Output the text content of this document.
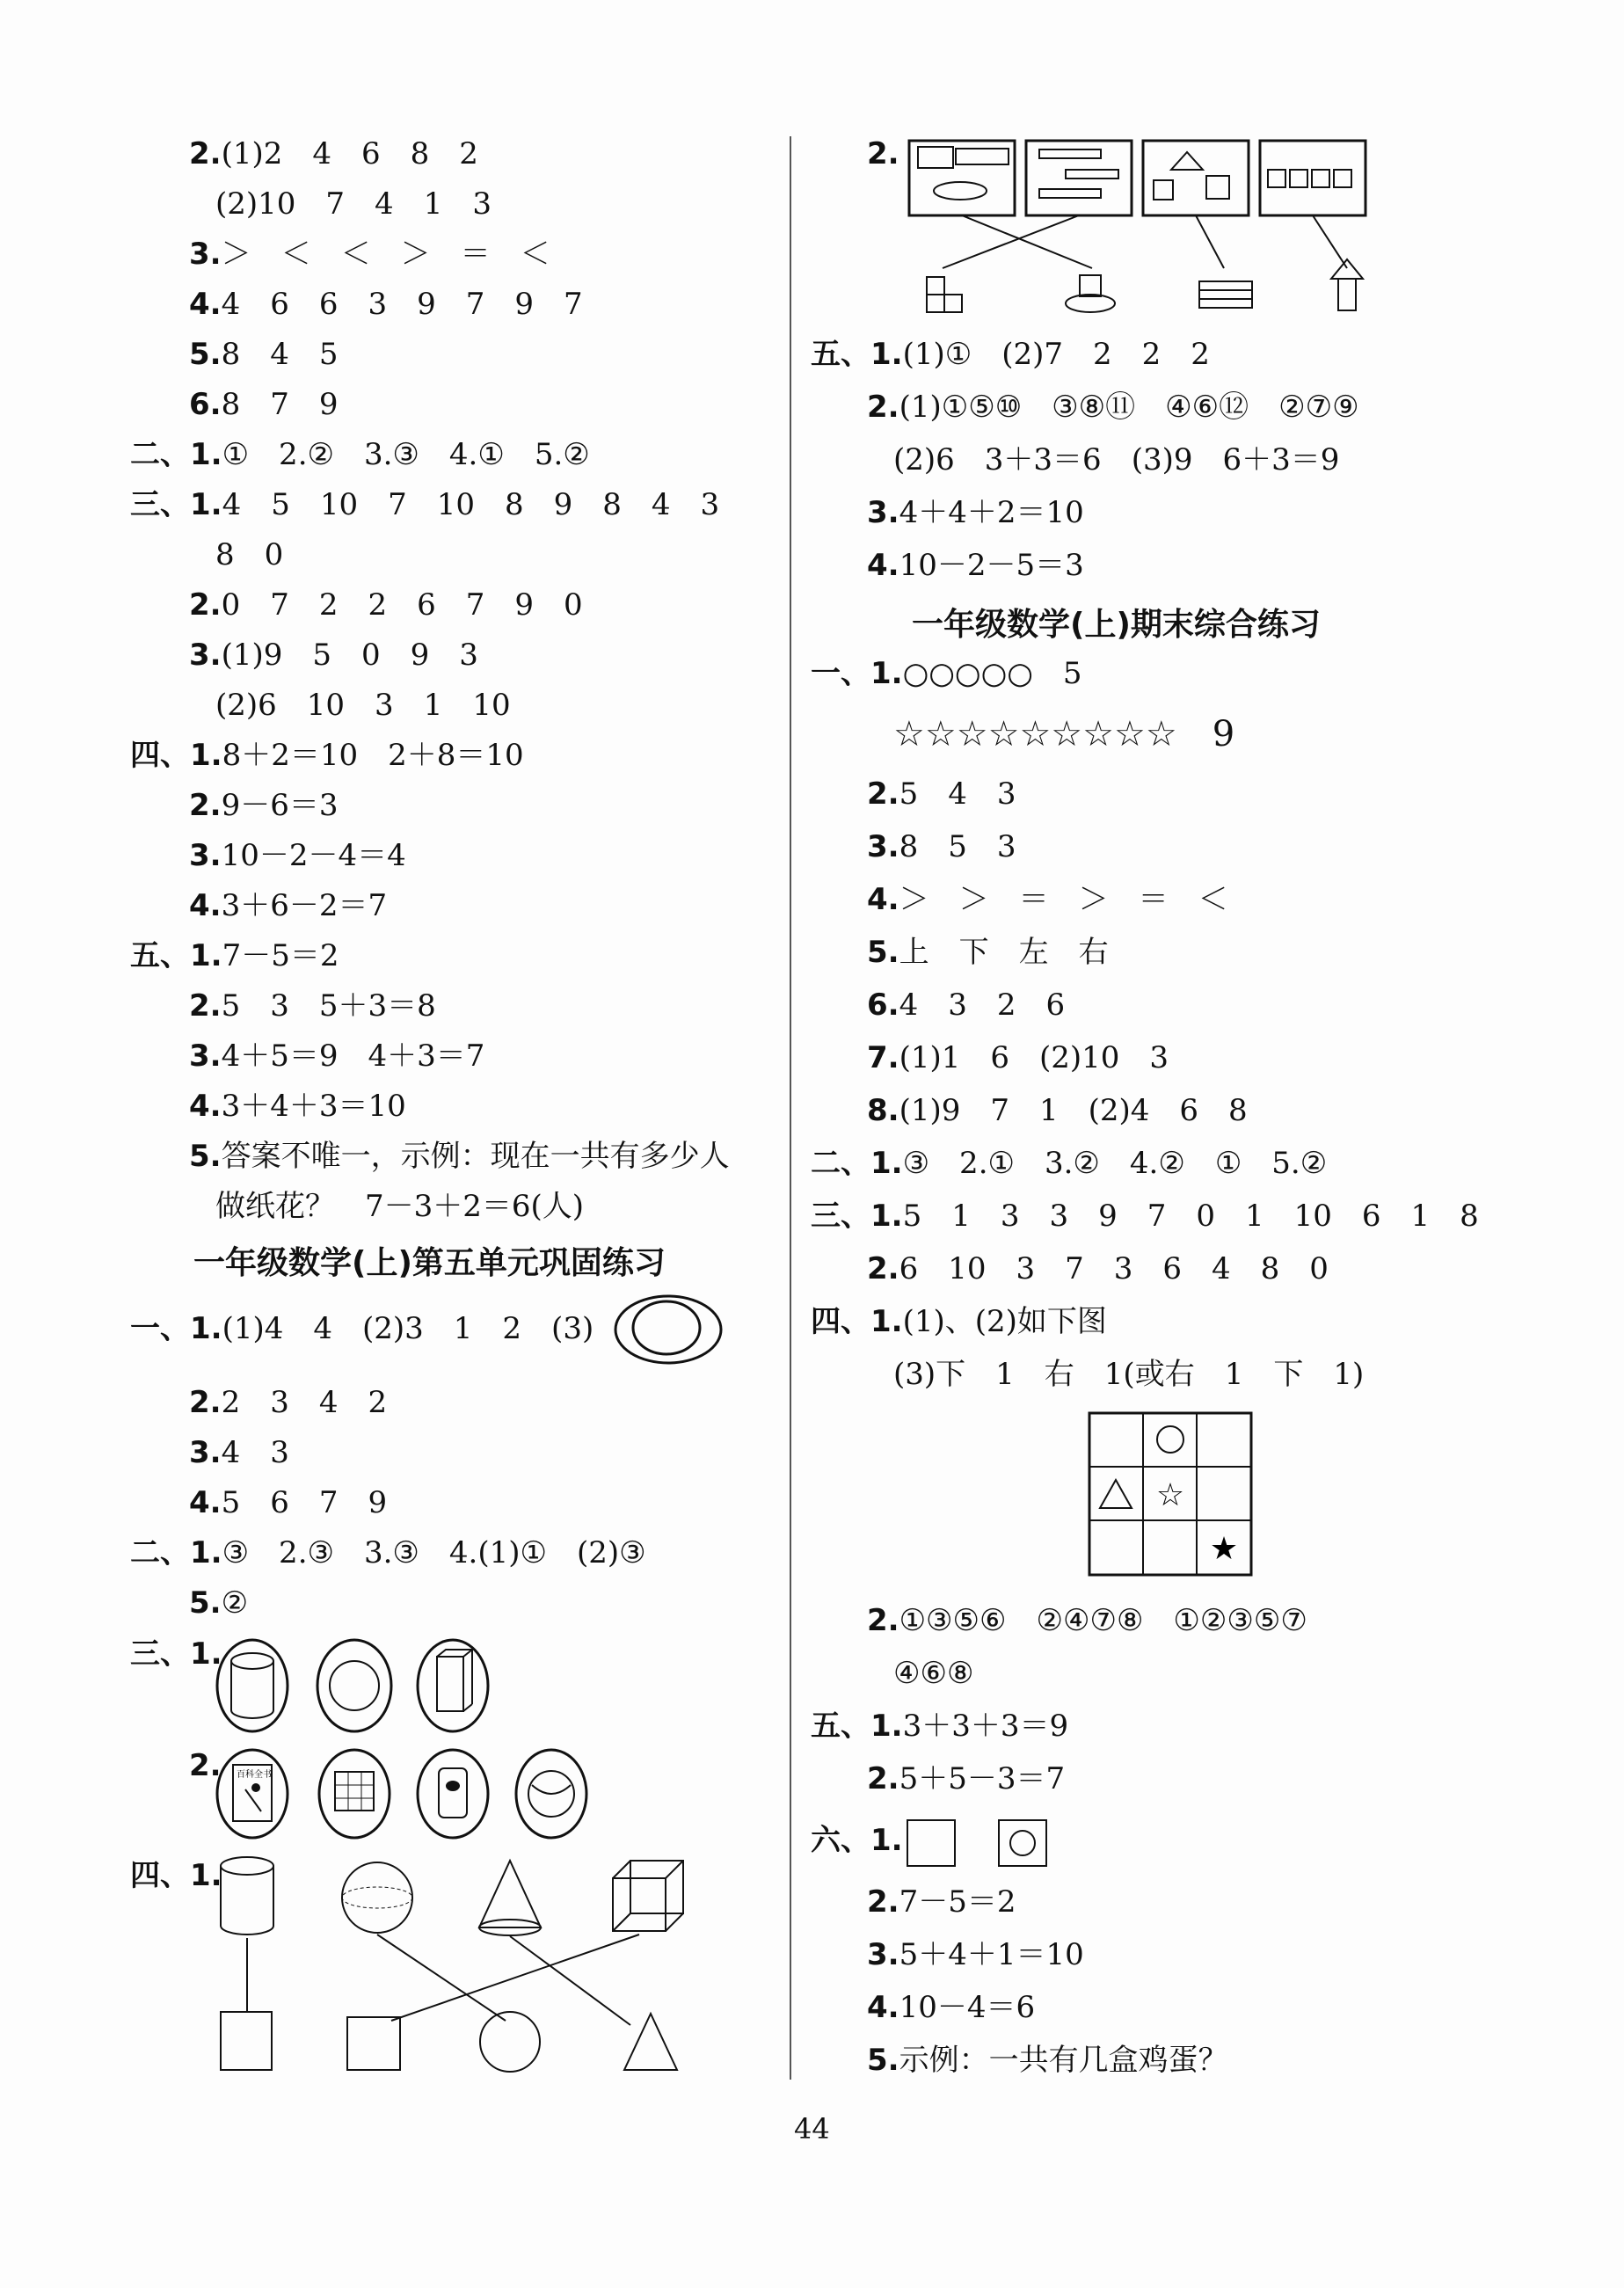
2.(1)2　4　6　8　2
(2)10　7　4　1　3
3.＞　＜　＜　＞　＝　＜
4.4　6　6　3　9　7　9　7
5.8　4　5
6.8　7　9
二、1.①　2.②　3.③　4.①　5.②
三、1.4　5　10　7　10　8　9　8　4　3
8　0
2.0　7　2　2　6　7　9　0
3.(1)9　5　0　9　3
(2)6　10　3　1　10
四、1.8＋2＝10　2＋8＝10
2.9－6＝3
3.10－2－4＝4
4.3＋6－2＝7
五、1.7－5＝2
2.5　3　5＋3＝8
3.4＋5＝9　4＋3＝7
4.3＋4＋3＝10
5.答案不唯一，示例：现在一共有多少人
做纸花？　7－3＋2＝6(人)
一年级数学(上)第五单元巩固练习
一、1.(1)4　4　(2)3　1　2　(3)
2.2　3　4　2
3.4　3
4.5　6　7　9
二、1.③　2.③　3.③　4.(1)①　(2)③
5.②
三、1.
2. 百科全书
四、1.
2.
五、1.(1)①　(2)7　2　2　2
2.(1)①⑤⑩　③⑧⑪　④⑥⑫　②⑦⑨
(2)6　3＋3＝6　(3)9　6＋3＝9
3.4＋4＋2＝10
4.10－2－5＝3
一年级数学(上)期末综合练习
一、1.○○○○○　5
☆☆☆☆☆☆☆☆☆　9
2.5　4　3
3.8　5　3
4.＞　＞　＝　＞　＝　＜
5.上　下　左　右
6.4　3　2　6
7.(1)1　6　(2)10　3
8.(1)9　7　1　(2)4　6　8
二、1.③　2.①　3.②　4.②　①　5.②
三、1.5　1　3　3　9　7　0　1　10　6　1　8
2.6　10　3　7　3　6　4　8　0
四、1.(1)、(2)如下图
(3)下　1　右　1(或右　1　下　1)
☆
★
2.①③⑤⑥　②④⑦⑧　①②③⑤⑦
④⑥⑧
五、1.3＋3＋3＝9
2.5＋5－3＝7
六、1.
2.7－5＝2
3.5＋4＋1＝10
4.10－4＝6
5.示例：一共有几盒鸡蛋？
44
